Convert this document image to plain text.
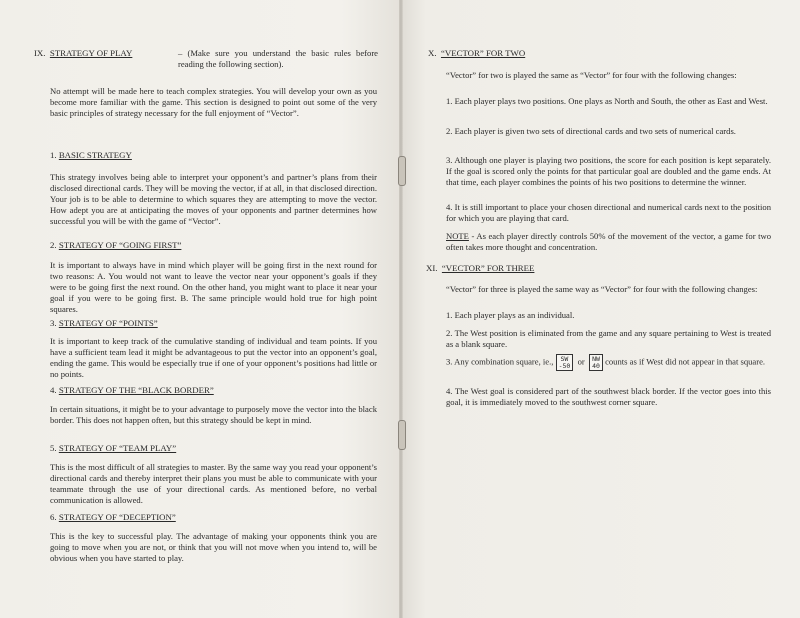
IX. STRATEGY OF PLAY	– (Make sure you understand the basic rules before reading the following section).
No attempt will be made here to teach complex strategies. You will develop your own as you become more familiar with the game. This section is designed to point out some of the very basic principles of strategy necessary for the full enjoyment of “Vector”.
1. BASIC STRATEGY
This strategy involves being able to interpret your opponent’s and partner’s plans from their disclosed directional cards. They will be moving the vector, if at all, in that disclosed direction. Your job is to be able to determine to which squares they are attempting to move the vector. How adept you are at anticipating the moves of your opponents and partner determines how successful you will be with the game of “Vector”.
2. STRATEGY OF “GOING FIRST”
It is important to always have in mind which player will be going first in the next round for two reasons: A. You would not want to leave the vector near your opponent’s goals if they were to be going first the next round. On the other hand, you might want to place it near your goal if you were to be going first. B. The same principle would hold true for high point squares.
3. STRATEGY OF “POINTS”
It is important to keep track of the cumulative standing of individual and team points. If you have a sufficient team lead it might be advantageous to put the vector into an opponent’s goal, ending the game. This would be especially true if one of your opponent’s positions had little or no points.
4. STRATEGY OF THE “BLACK BORDER”
In certain situations, it might be to your advantage to purposely move the vector into the black border. This does not happen often, but this strategy should be kept in mind.
5. STRATEGY OF “TEAM PLAY”
This is the most difficult of all strategies to master. By the same way you read your opponent’s directional cards and thereby interpret their plans you must be able to communicate with your teammate through the use of your directional cards. As mentioned before, no verbal communication is allowed.
6. STRATEGY OF “DECEPTION”
This is the key to successful play. The advantage of making your opponents think you are going to move when you are not, or think that you will not move when you intend to, will be obvious when you have started to play.
X. “VECTOR” FOR TWO
“Vector” for two is played the same as “Vector” for four with the following changes:
1. Each player plays two positions. One plays as North and South, the other as East and West.
2. Each player is given two sets of directional cards and two sets of numerical cards.
3. Although one player is playing two positions, the score for each position is kept separately. If the goal is scored only the points for that particular goal are doubled and the game ends. At that time, each player combines the points of his two positions to determine the winner.
4. It is still important to place your chosen directional and numerical cards next to the position for which you are playing that card.
NOTE - As each player directly controls 50% of the movement of the vector, a game for two often takes more thought and concentration.
XI. “VECTOR” FOR THREE
“Vector” for three is played the same way as “Vector” for four with the following changes:
1. Each player plays as an individual.
2. The West position is eliminated from the game and any square pertaining to West is treated as a blank square.
3. Any combination square, ie., SW
-50 or NW
40 counts as if West did not appear in that square.
4. The West goal is considered part of the southwest black border. If the vector goes into this goal, it is immediately moved to the southwest corner square.
